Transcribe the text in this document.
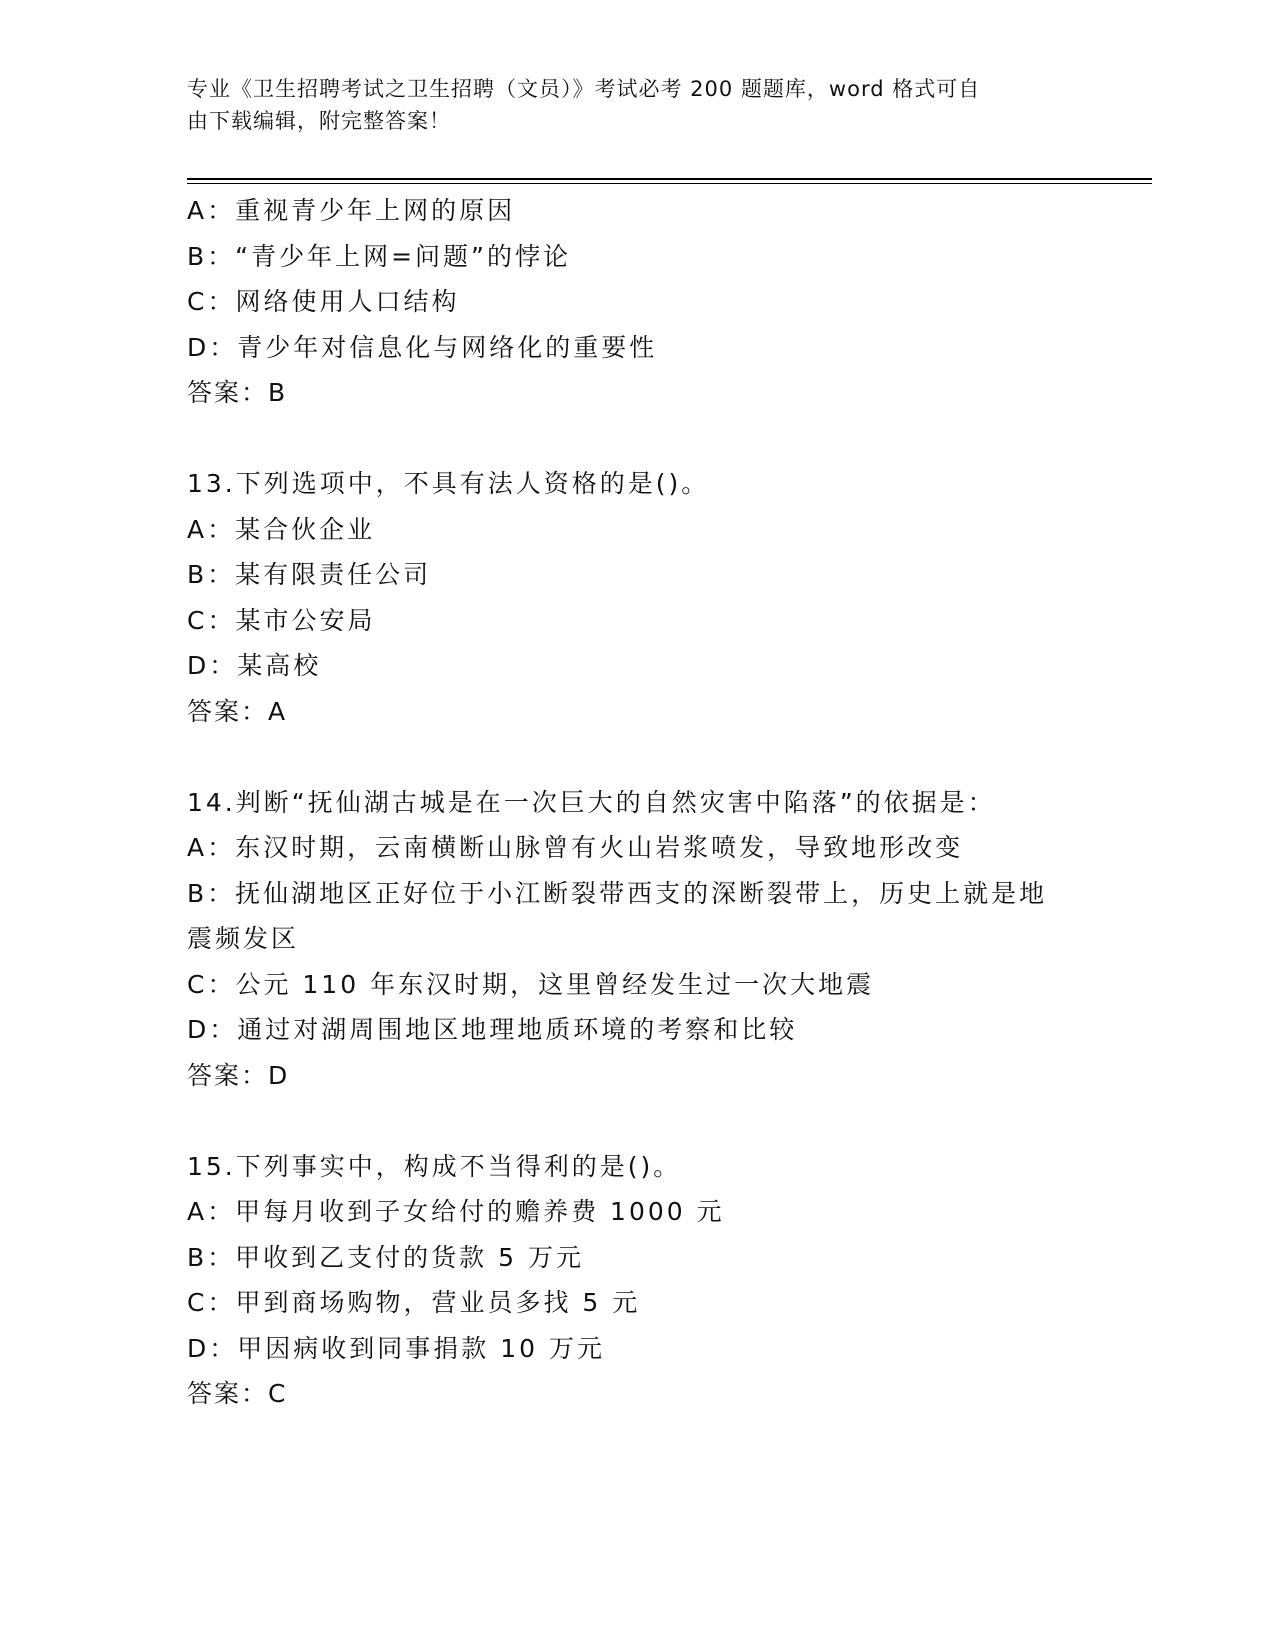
专业《卫生招聘考试之卫生招聘（文员）》考试必考 200 题题库，word 格式可自
由下载编辑，附完整答案！
A：重视青少年上网的原因
B：“青少年上网=问题”的悖论
C：网络使用人口结构
D：青少年对信息化与网络化的重要性
答案：B
13.下列选项中，不具有法人资格的是()。
A：某合伙企业
B：某有限责任公司
C：某市公安局
D：某高校
答案：A
14.判断“抚仙湖古城是在一次巨大的自然灾害中陷落”的依据是：
A：东汉时期，云南横断山脉曾有火山岩浆喷发，导致地形改变
B：抚仙湖地区正好位于小江断裂带西支的深断裂带上，历史上就是地
震频发区
C：公元 110 年东汉时期，这里曾经发生过一次大地震
D：通过对湖周围地区地理地质环境的考察和比较
答案：D
15.下列事实中，构成不当得利的是()。
A：甲每月收到子女给付的赡养费 1000 元
B：甲收到乙支付的货款 5 万元
C：甲到商场购物，营业员多找 5 元
D：甲因病收到同事捐款 10 万元
答案：C
